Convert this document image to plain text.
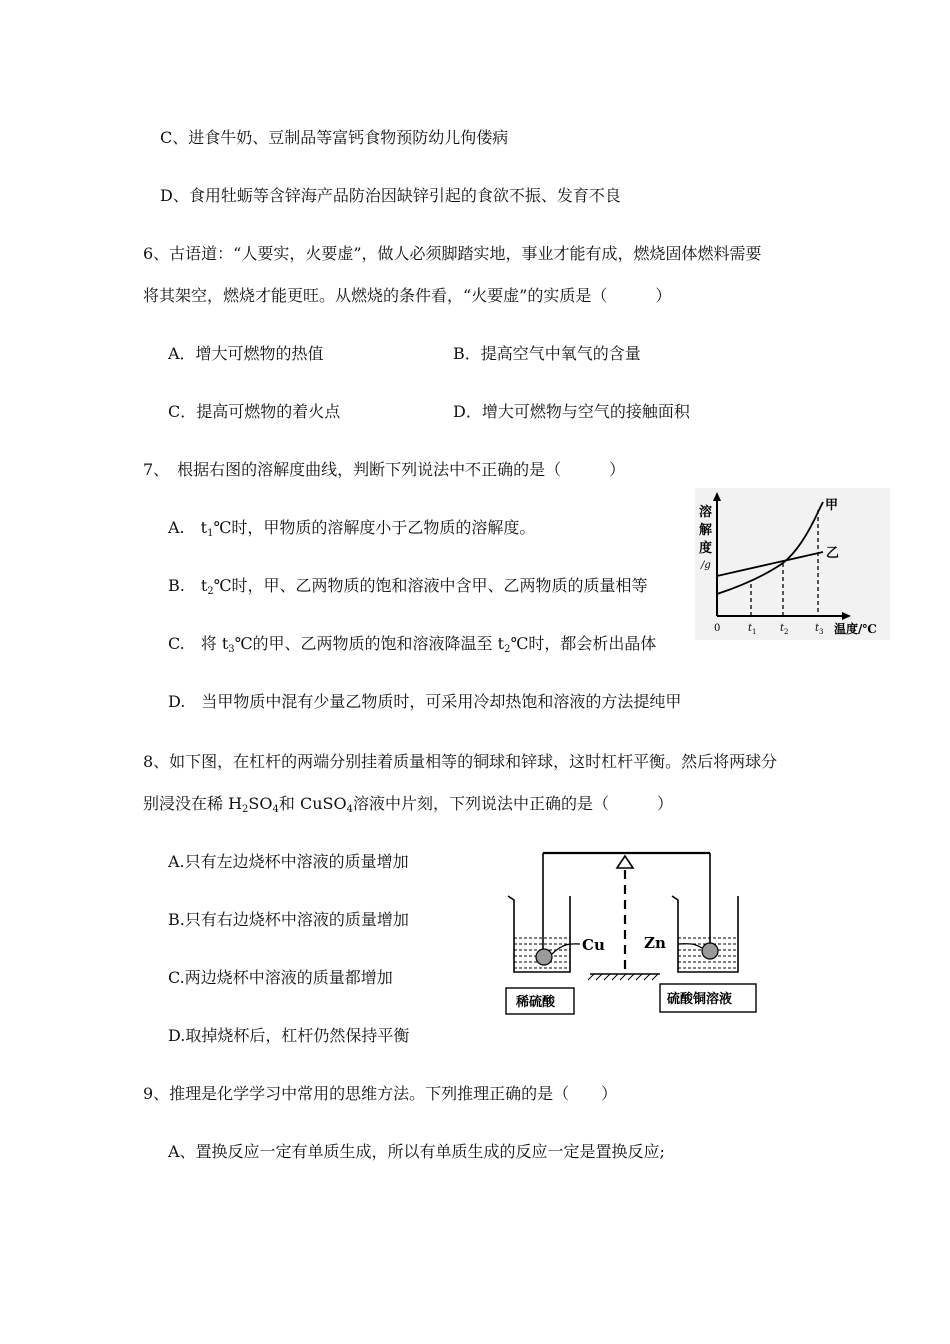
C、进食牛奶、豆制品等富钙食物预防幼儿佝偻病
D、食用牡蛎等含锌海产品防治因缺锌引起的食欲不振、发育不良
6、古语道：“人要实，火要虚”，做人必须脚踏实地，事业才能有成，燃烧固体燃料需要
将其架空，燃烧才能更旺。从燃烧的条件看，“火要虚”的实质是（　　　）
A．增大可燃物的热值	B．提高空气中氧气的含量
C．提高可燃物的着火点	D．增大可燃物与空气的接触面积
7、　根据右图的溶解度曲线，判断下列说法中不正确的是（　　　）
A.　$t_1℃$时，甲物质的溶解度小于乙物质的溶解度。
B.　$t_2℃$时，甲、乙两物质的饱和溶液中含甲、乙两物质的质量相等
C.　将 $t_3℃$的甲、乙两物质的饱和溶液降温至 $t_2℃$时，都会析出晶体
D.　当甲物质中混有少量乙物质时，可采用冷却热饱和溶液的方法提纯甲
溶
解
度
/g
甲
乙
0	t 1 t 2	t 3 温度/℃
8、如下图，在杠杆的两端分别挂着质量相等的铜球和锌球，这时杠杆平衡。然后将两球分
别浸没在稀 $H_2SO_4$和 CuSO$_4$溶液中片刻，下列说法中正确的是（　　　）
A.只有左边烧杯中溶液的质量增加
B.只有右边烧杯中溶液的质量增加
C.两边烧杯中溶液的质量都增加
D.取掉烧杯后，杠杆仍然保持平衡
Cu	Zn
稀硫酸	硫酸铜溶液
9、推理是化学学习中常用的思维方法。下列推理正确的是（　　）
A、置换反应一定有单质生成，所以有单质生成的反应一定是置换反应;
